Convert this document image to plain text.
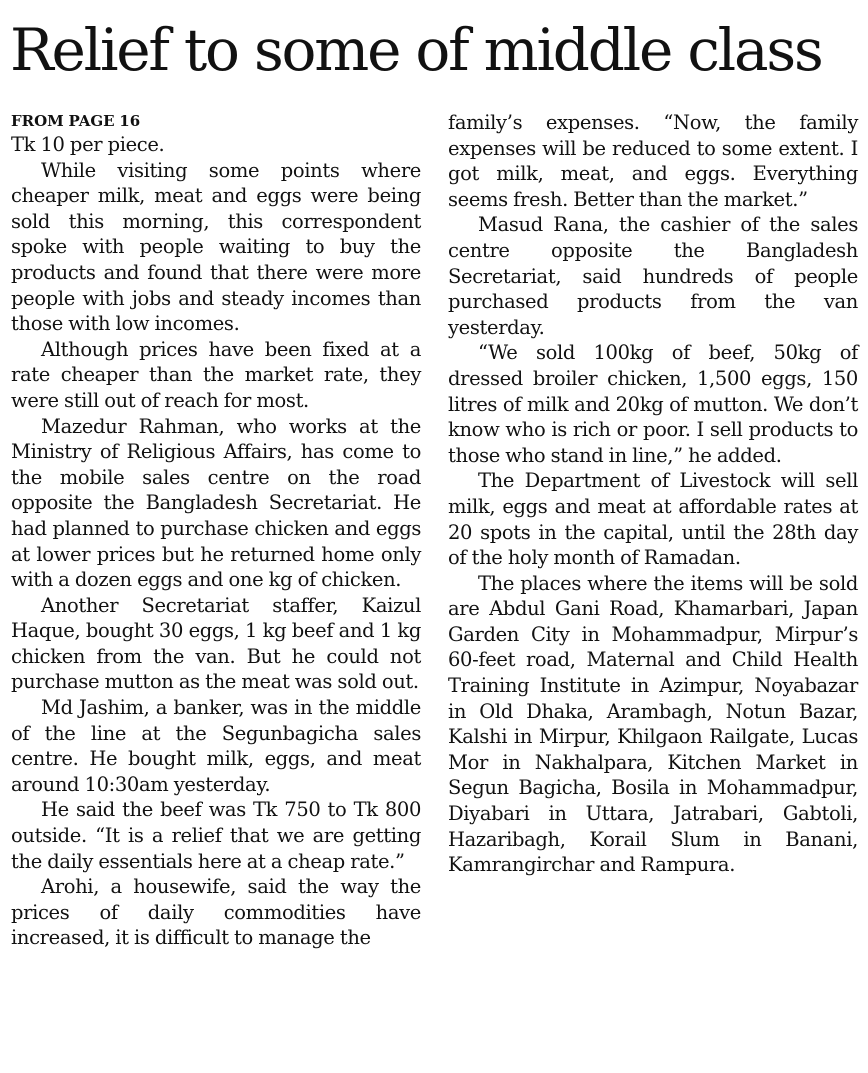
Relief to some of middle class
FROM PAGE 16

Tk 10 per piece.

While visiting some points where cheaper milk, meat and eggs were being sold this morning, this correspondent spoke with people waiting to buy the products and found that there were more people with jobs and steady incomes than those with low incomes.

Although prices have been fixed at a rate cheaper than the market rate, they were still out of reach for most.

Mazedur Rahman, who works at the Ministry of Religious Affairs, has come to the mobile sales centre on the road opposite the Bangladesh Secretariat. He had planned to purchase chicken and eggs at lower prices but he returned home only with a dozen eggs and one kg of chicken.

Another Secretariat staffer, Kaizul Haque, bought 30 eggs, 1 kg beef and 1 kg chicken from the van. But he could not purchase mutton as the meat was sold out.

Md Jashim, a banker, was in the middle of the line at the Segunbagicha sales centre. He bought milk, eggs, and meat around 10:30am yesterday.

He said the beef was Tk 750 to Tk 800 outside. “It is a relief that we are getting the daily essentials here at a cheap rate.”

Arohi, a housewife, said the way the prices of daily commodities have increased, it is difficult to manage the

family’s expenses. “Now, the family expenses will be reduced to some extent. I got milk, meat, and eggs. Everything seems fresh. Better than the market.”

Masud Rana, the cashier of the sales centre opposite the Bangladesh Secretariat, said hundreds of people purchased products from the van yesterday.

“We sold 100kg of beef, 50kg of dressed broiler chicken, 1,500 eggs, 150 litres of milk and 20kg of mutton. We don’t know who is rich or poor. I sell products to those who stand in line,” he added.

The Department of Livestock will sell milk, eggs and meat at affordable rates at 20 spots in the capital, until the 28th day of the holy month of Ramadan.

The places where the items will be sold are Abdul Gani Road, Khamarbari, Japan Garden City in Mohammadpur, Mirpur’s 60-feet road, Maternal and Child Health Training Institute in Azimpur, Noyabazar in Old Dhaka, Arambagh, Notun Bazar, Kalshi in Mirpur, Khilgaon Railgate, Lucas Mor in Nakhalpara, Kitchen Market in Segun Bagicha, Bosila in Mohammadpur, Diyabari in Uttara, Jatrabari, Gabtoli, Hazaribagh, Korail Slum in Banani, Kamrangirchar and Rampura.
